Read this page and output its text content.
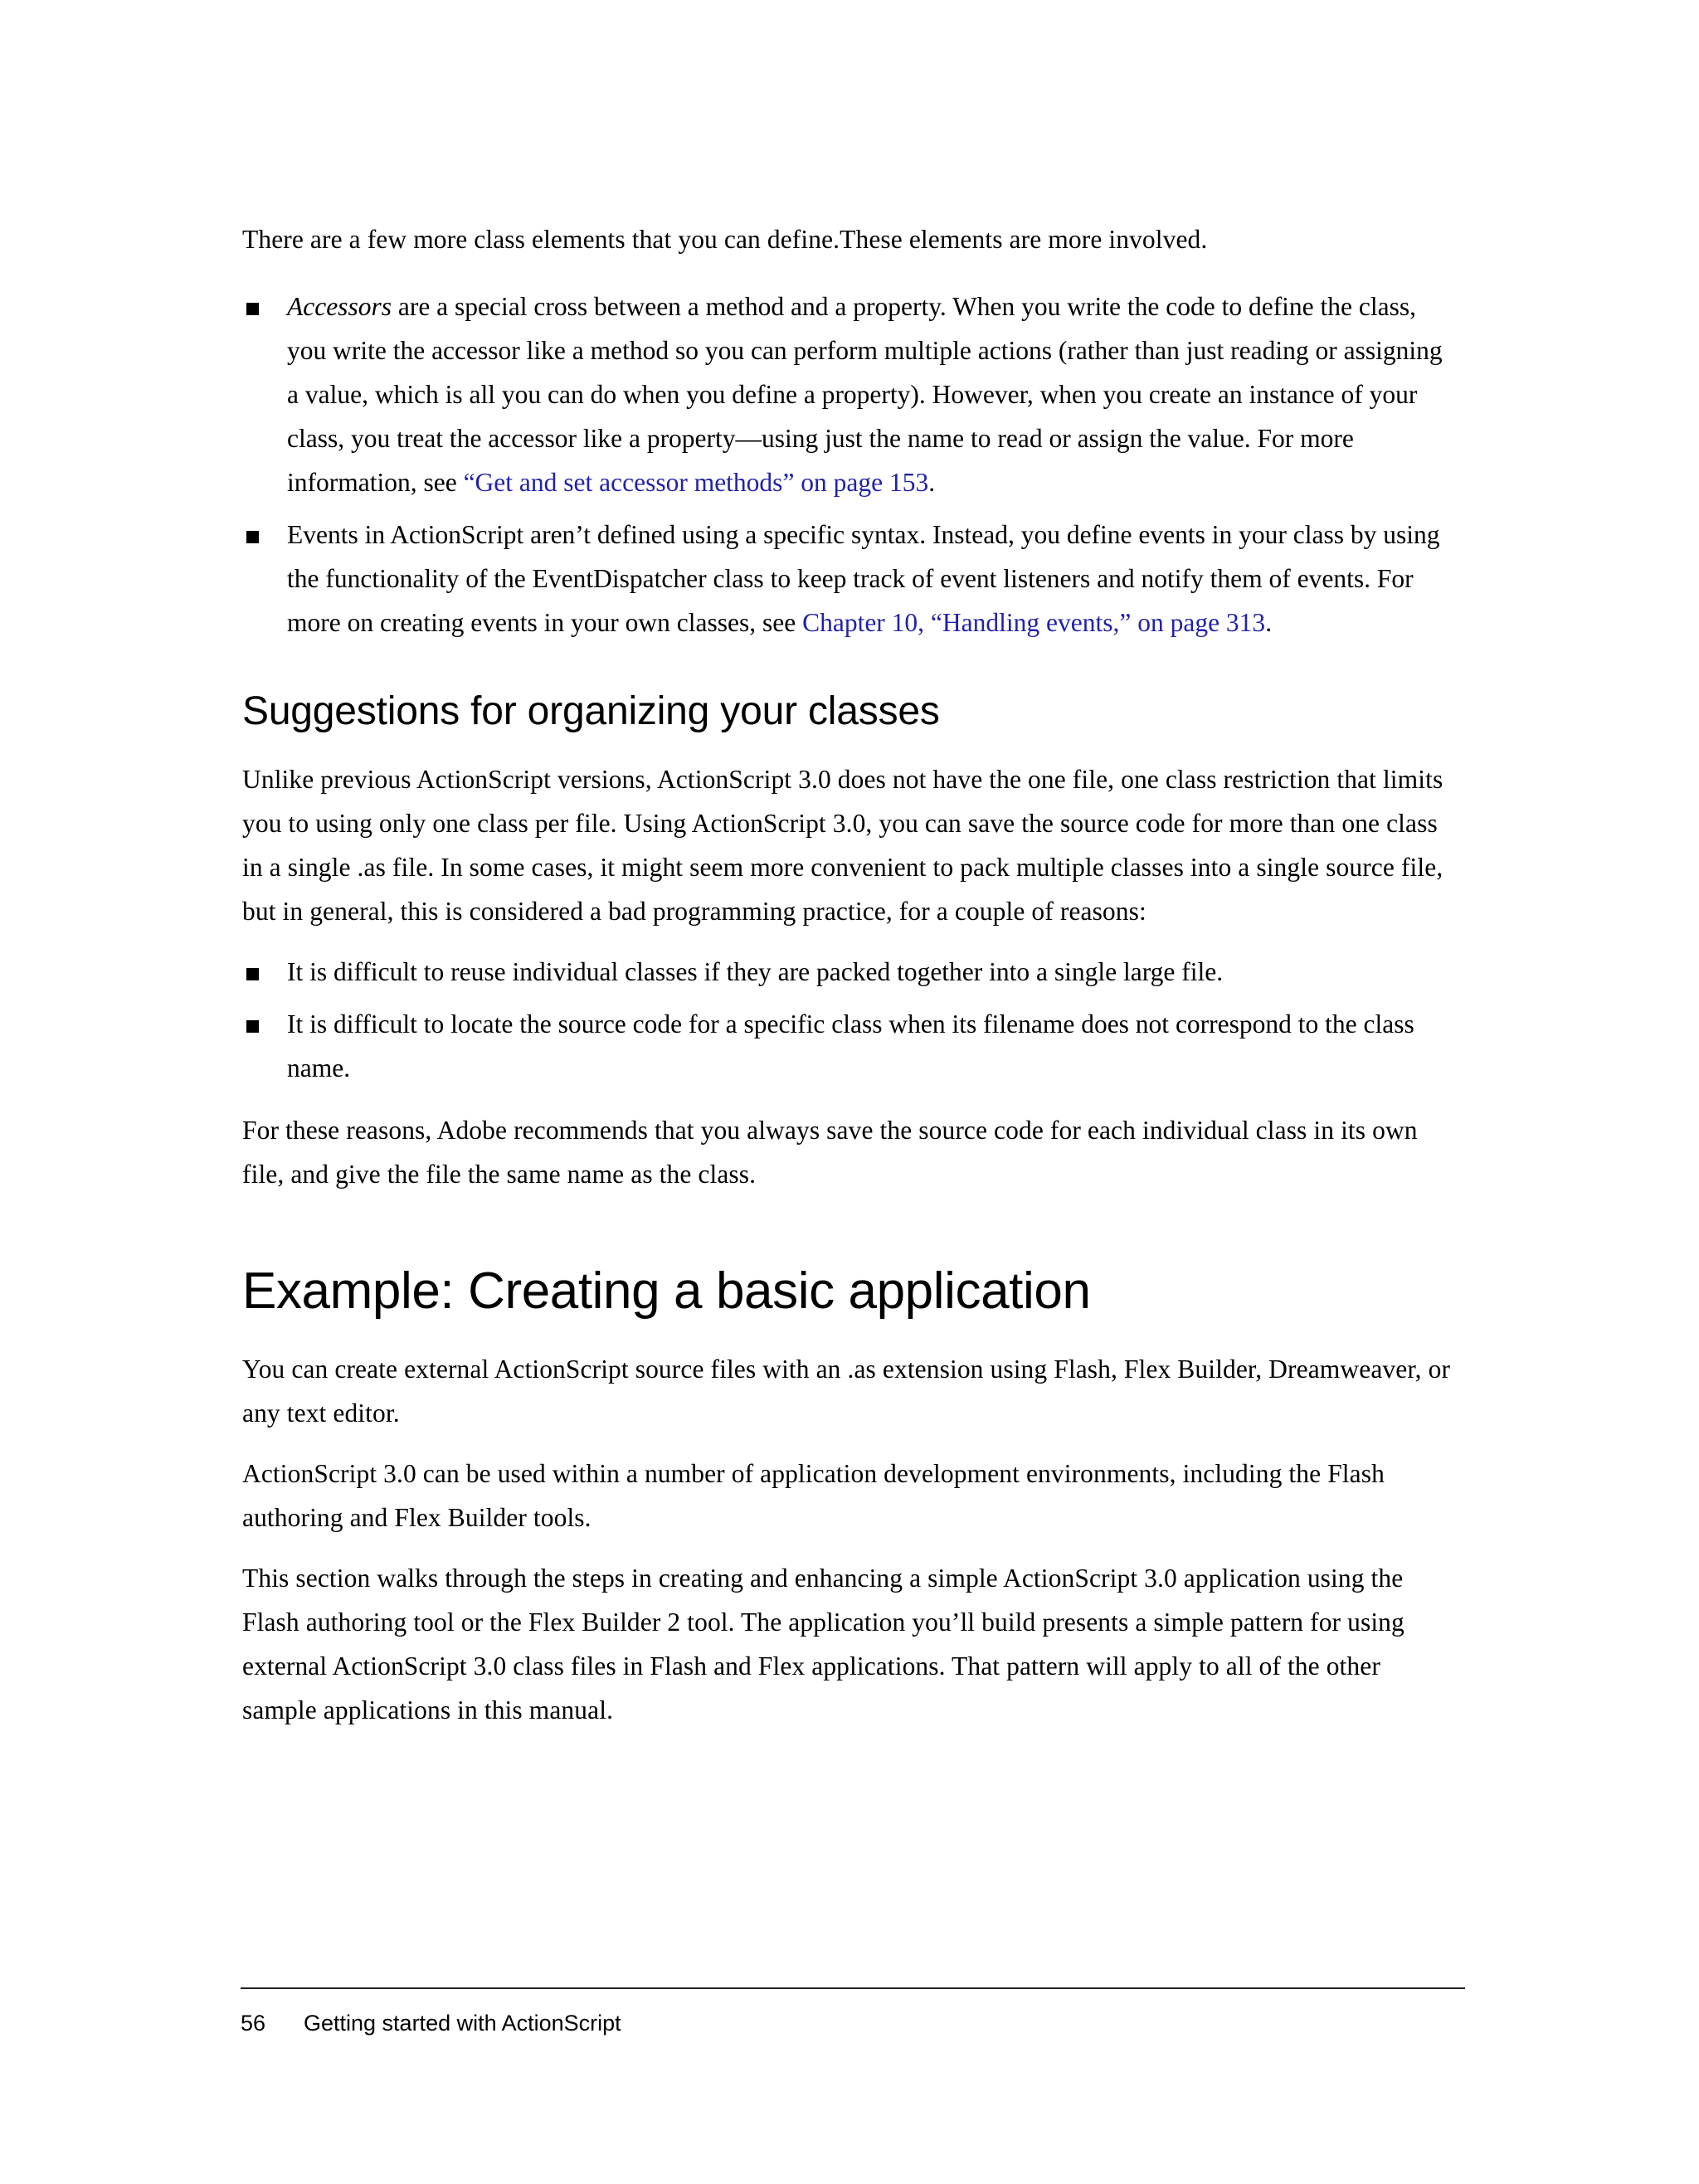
There are a few more class elements that you can define.These elements are more involved.

Accessors are a special cross between a method and a property. When you write the code to define the class, you write the accessor like a method so you can perform multiple actions (rather than just reading or assigning a value, which is all you can do when you define a property). However, when you create an instance of your class, you treat the accessor like a property—using just the name to read or assign the value. For more information, see “Get and set accessor methods” on page 153.
Events in ActionScript aren’t defined using a specific syntax. Instead, you define events in your class by using the functionality of the EventDispatcher class to keep track of event listeners and notify them of events. For more on creating events in your own classes, see Chapter 10, “Handling events,” on page 313.
Suggestions for organizing your classes

Unlike previous ActionScript versions, ActionScript 3.0 does not have the one file, one class restriction that limits you to using only one class per file. Using ActionScript 3.0, you can save the source code for more than one class in a single .as file. In some cases, it might seem more convenient to pack multiple classes into a single source file, but in general, this is considered a bad programming practice, for a couple of reasons:

It is difficult to reuse individual classes if they are packed together into a single large file.
It is difficult to locate the source code for a specific class when its filename does not correspond to the class name.

For these reasons, Adobe recommends that you always save the source code for each individual class in its own file, and give the file the same name as the class.

Example: Creating a basic application

You can create external ActionScript source files with an .as extension using Flash, Flex Builder, Dreamweaver, or any text editor.

ActionScript 3.0 can be used within a number of application development environments, including the Flash authoring and Flex Builder tools.

This section walks through the steps in creating and enhancing a simple ActionScript 3.0 application using the Flash authoring tool or the Flex Builder 2 tool. The application you’ll build presents a simple pattern for using external ActionScript 3.0 class files in Flash and Flex applications. That pattern will apply to all of the other sample applications in this manual.

56	Getting started with ActionScript
